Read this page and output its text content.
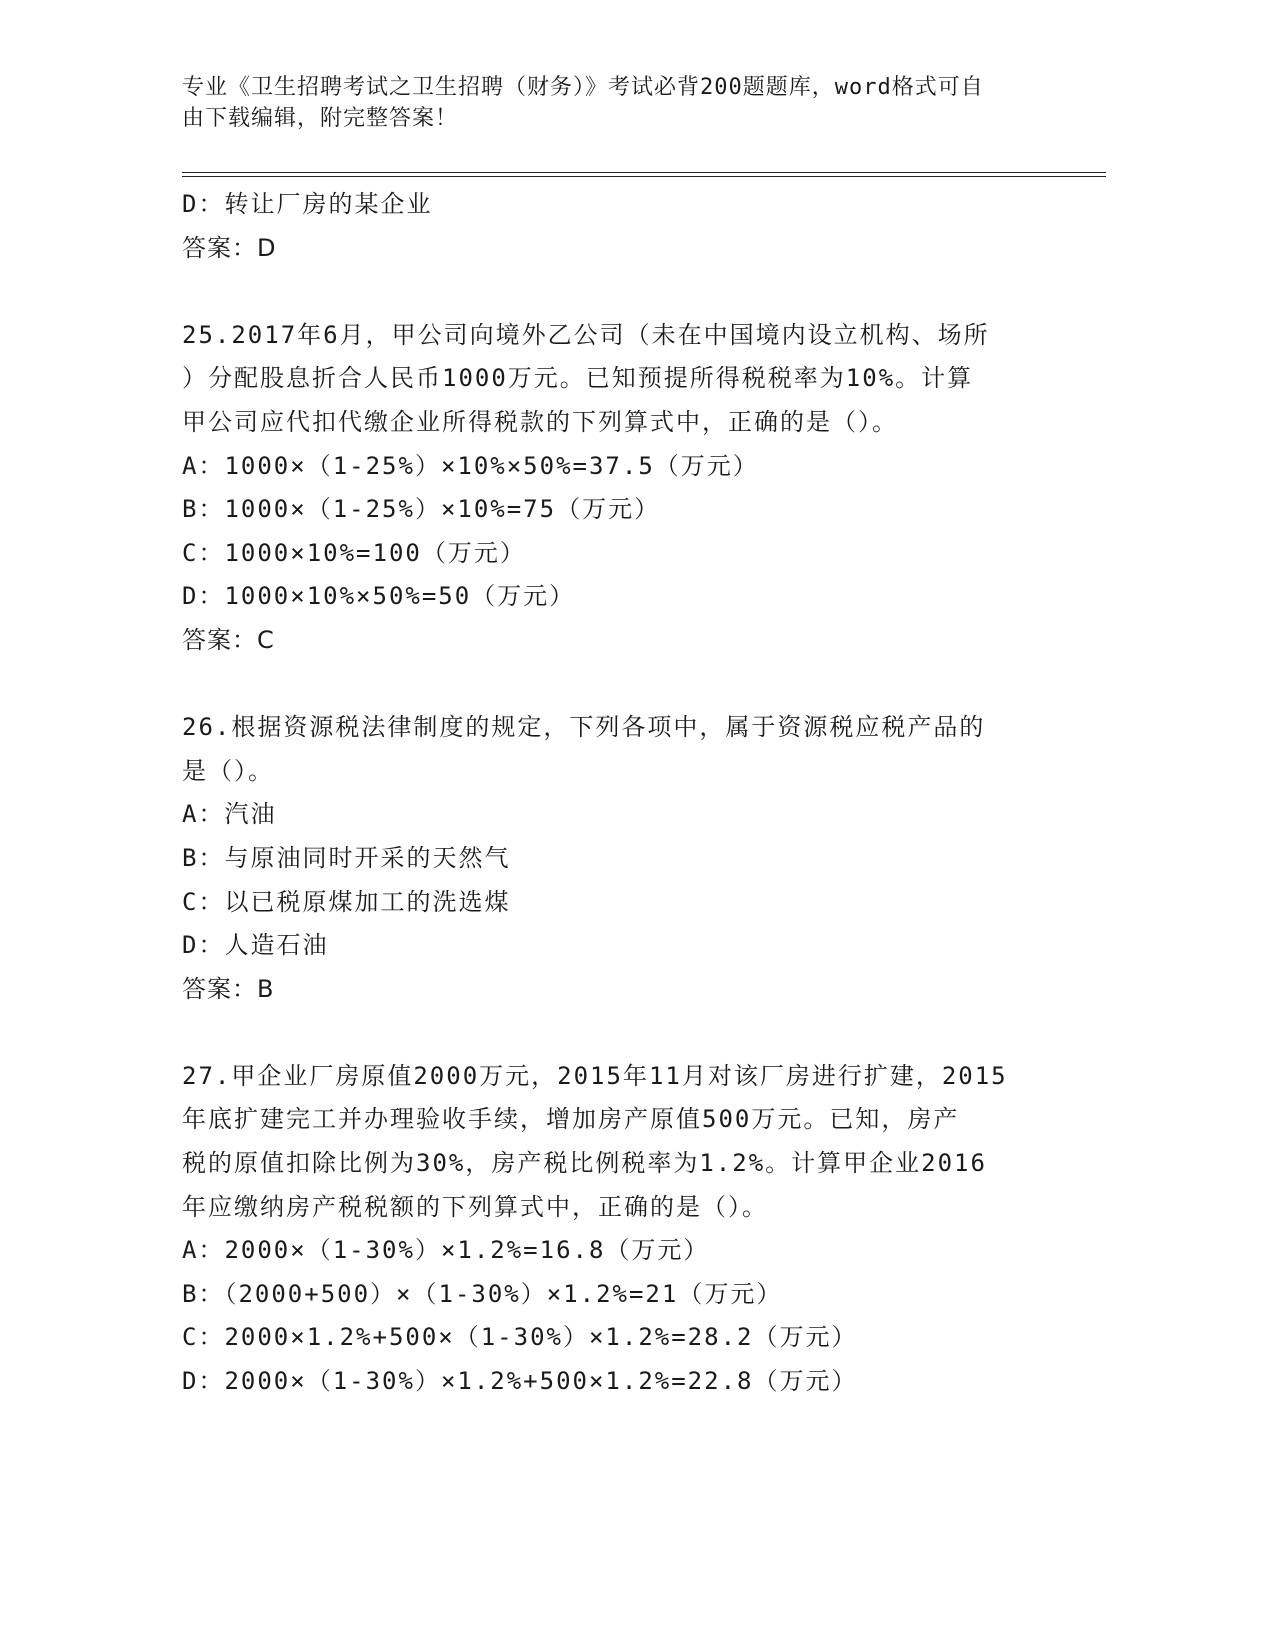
专业《卫生招聘考试之卫生招聘（财务）》考试必背200题题库，word格式可自
由下载编辑，附完整答案！
D：转让厂房的某企业
答案：D
25.2017年6月，甲公司向境外乙公司（未在中国境内设立机构、场所
）分配股息折合人民币1000万元。已知预提所得税税率为10%。计算
甲公司应代扣代缴企业所得税款的下列算式中，正确的是（）。
A：1000×（1-25%）×10%×50%=37.5（万元）
B：1000×（1-25%）×10%=75（万元）
C：1000×10%=100（万元）
D：1000×10%×50%=50（万元）
答案：C
26.根据资源税法律制度的规定，下列各项中，属于资源税应税产品的
是（）。
A：汽油
B：与原油同时开采的天然气
C：以已税原煤加工的洗选煤
D：人造石油
答案：B
27.甲企业厂房原值2000万元，2015年11月对该厂房进行扩建，2015
年底扩建完工并办理验收手续，增加房产原值500万元。已知，房产
税的原值扣除比例为30%，房产税比例税率为1.2%。计算甲企业2016
年应缴纳房产税税额的下列算式中，正确的是（）。
A：2000×（1-30%）×1.2%=16.8（万元）
B：（2000+500）×（1-30%）×1.2%=21（万元）
C：2000×1.2%+500×（1-30%）×1.2%=28.2（万元）
D：2000×（1-30%）×1.2%+500×1.2%=22.8（万元）
